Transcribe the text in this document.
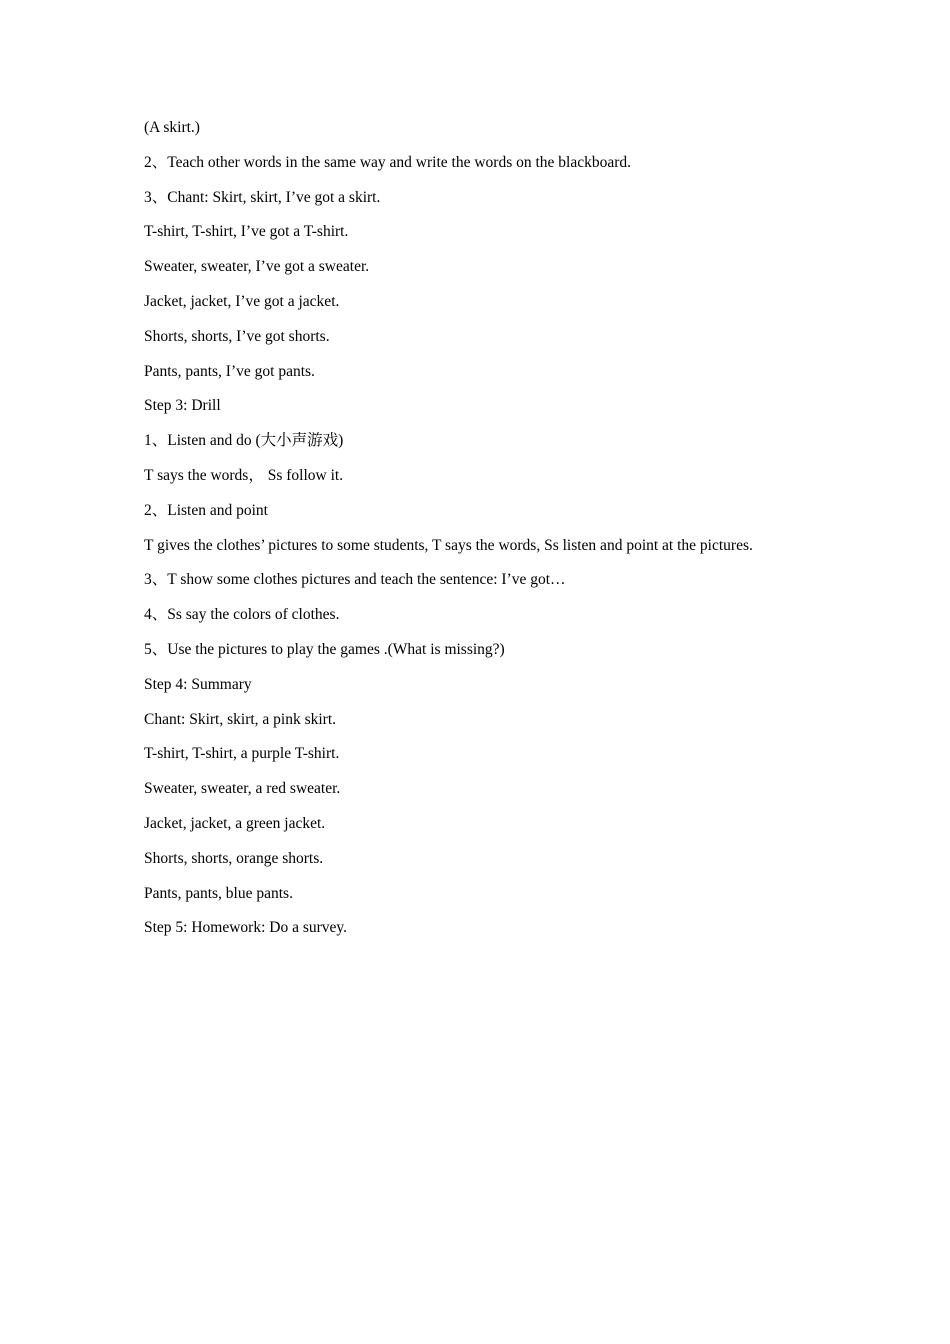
(A skirt.)
2、Teach other words in the same way and write the words on the blackboard.
3、Chant: Skirt, skirt, I’ve got a skirt.
T-shirt, T-shirt, I’ve got a T-shirt.
Sweater, sweater, I’ve got a sweater.
Jacket, jacket, I’ve got a jacket.
Shorts, shorts, I’ve got shorts.
Pants, pants, I’ve got pants.
Step 3: Drill
1、Listen and do (大小声游戏)
T says the words， Ss follow it.
2、Listen and point
T gives the clothes’ pictures to some students, T says the words, Ss listen and point at the pictures.
3、T show some clothes pictures and teach the sentence: I’ve got…
4、Ss say the colors of clothes.
5、Use the pictures to play the games .(What is missing?)
Step 4: Summary
Chant: Skirt, skirt, a pink skirt.
T-shirt, T-shirt, a purple T-shirt.
Sweater, sweater, a red sweater.
Jacket, jacket, a green jacket.
Shorts, shorts, orange shorts.
Pants, pants, blue pants.
Step 5: Homework: Do a survey.
